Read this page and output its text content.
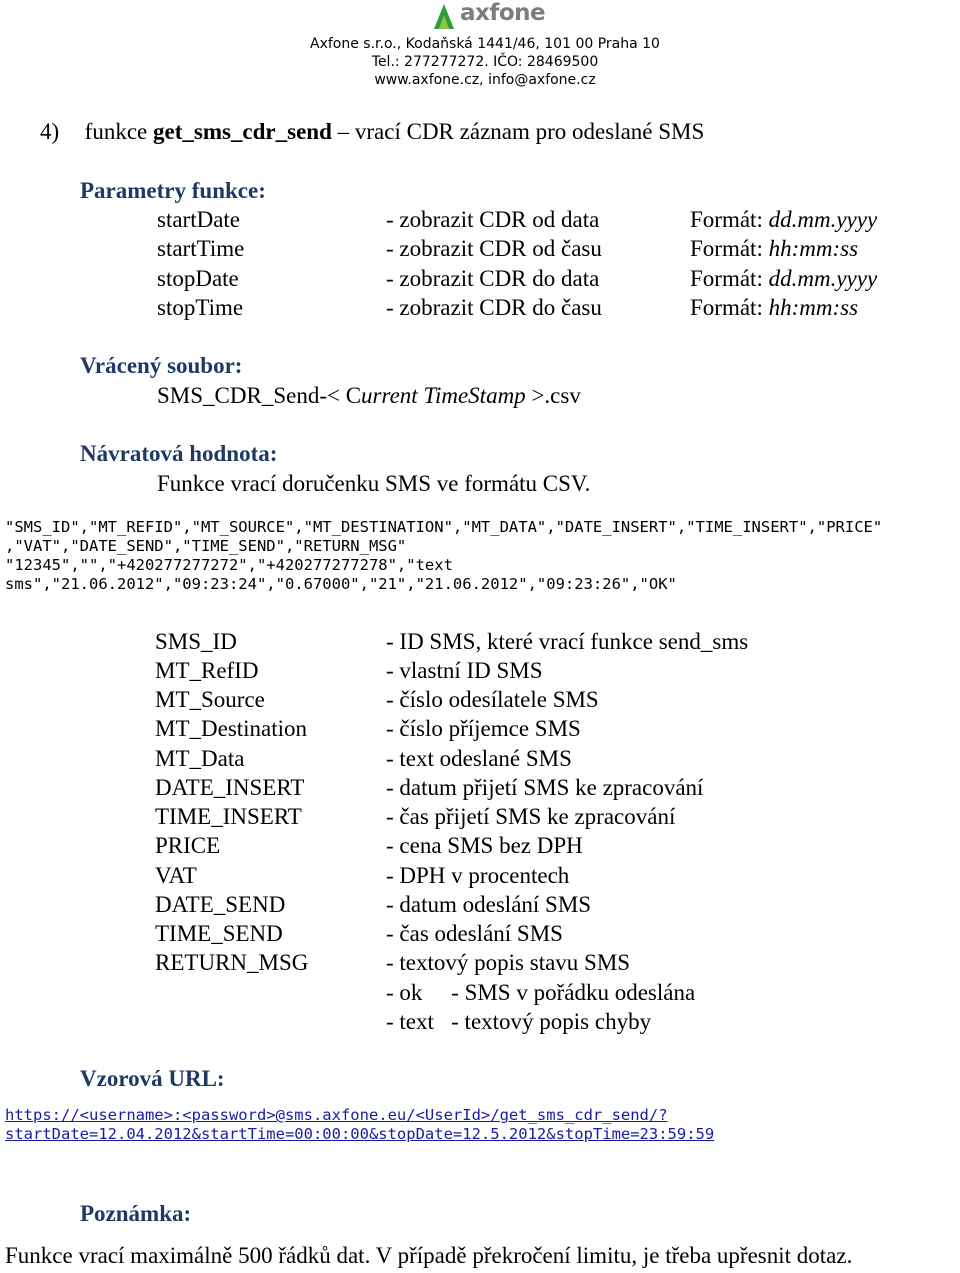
axfone
Axfone s.r.o., Kodaňská 1441/46, 101 00 Praha 10
Tel.: 277277272. IČO: 28469500
www.axfone.cz, info@axfone.cz
4) funkce get_sms_cdr_send – vrací CDR záznam pro odeslané SMS
Parametry funkce:
startDate	- zobrazit CDR od data	Formát: dd.mm.yyyy
startTime	- zobrazit CDR od času	Formát: hh:mm:ss
stopDate	- zobrazit CDR do data	Formát: dd.mm.yyyy
stopTime	- zobrazit CDR do času	Formát: hh:mm:ss
Vrácený soubor:
SMS_CDR_Send-< Current TimeStamp >.csv
Návratová hodnota:
Funkce vrací doručenku SMS ve formátu CSV.
"SMS_ID","MT_REFID","MT_SOURCE","MT_DESTINATION","MT_DATA","DATE_INSERT","TIME_INSERT","PRICE"
,"VAT","DATE_SEND","TIME_SEND","RETURN_MSG"
"12345","","+420277277272","+420277277278","text
sms","21.06.2012","09:23:24","0.67000","21","21.06.2012","09:23:26","OK"
SMS_ID	- ID SMS, které vrací funkce send_sms
MT_RefID	- vlastní ID SMS
MT_Source	- číslo odesílatele SMS
MT_Destination	- číslo příjemce SMS
MT_Data	- text odeslané SMS
DATE_INSERT	- datum přijetí SMS ke zpracování
TIME_INSERT	- čas přijetí SMS ke zpracování
PRICE	- cena SMS bez DPH
VAT	- DPH v procentech
DATE_SEND	- datum odeslání SMS
TIME_SEND	- čas odeslání SMS
RETURN_MSG	- textový popis stavu SMS
- ok     - SMS v pořádku odeslána
- text   - textový popis chyby
Vzorová URL:
https://<username>:<password>@sms.axfone.eu/<UserId>/get_sms_cdr_send/?
startDate=12.04.2012&startTime=00:00:00&stopDate=12.5.2012&stopTime=23:59:59
Poznámka:
Funkce vrací maximálně 500 řádků dat. V případě překročení limitu, je třeba upřesnit dotaz.
